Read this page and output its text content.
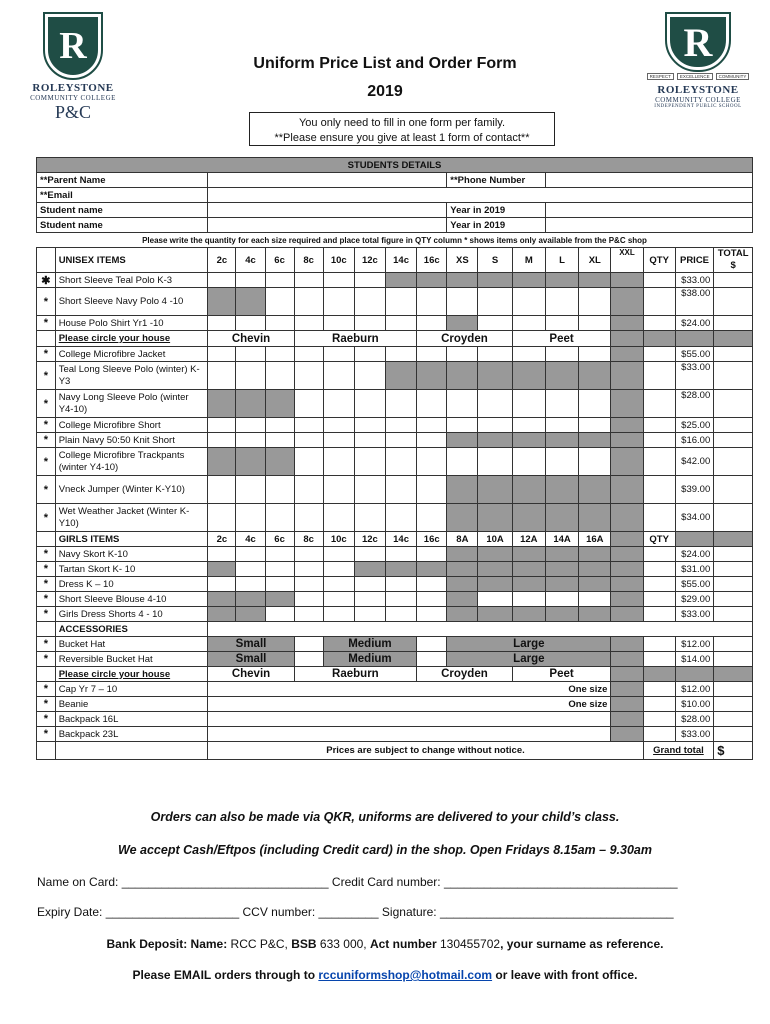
R
ROLEYSTONE
COMMUNITY COLLEGE
P&C
Uniform Price List and Order Form
2019
You only need to fill in one form per family.
**Please ensure you give at least 1 form of contact**
R
RESPECT	EXCELLENCE	COMMUNITY
ROLEYSTONE
COMMUNITY COLLEGE
INDEPENDENT PUBLIC SCHOOL
STUDENTS DETAILS																		
**Parent Name										**Phone Number								
**Email																		
Student name										Year in 2019								
Student name										Year in 2019								
Please write the quantity for each size required and place total figure in QTY column * shows items only available from the P&C shop																		
	UNISEX ITEMS	2c	4c	6c	8c	10c	12c	14c	16c	XS	S	M	L	XL	XXL	QTY	PRICE	TOTAL $
✱	Short Sleeve Teal Polo K-3																$33.00	
*	Short Sleeve Navy Polo 4 -10																$38.00	
*	House Polo Shirt Yr1 -10																$24.00	
	Please circle your house	Chevin			Raeburn				Croyden			Peet						
*	College Microfibre Jacket																$55.00	
*	Teal Long Sleeve Polo (winter) K-Y3																$33.00	
*	Navy Long Sleeve Polo (winter Y4-10)																$28.00	
*	College Microfibre Short																$25.00	
*	Plain Navy 50:50 Knit Short																$16.00	
*	College Microfibre Trackpants (winter Y4-10)																$42.00	
*	Vneck Jumper (Winter K-Y10)																$39.00	
*	Wet Weather Jacket (Winter K-Y10)																$34.00	
	GIRLS ITEMS	2c	4c	6c	8c	10c	12c	14c	16c	8A	10A	12A	14A	16A		QTY		
*	Navy Skort K-10																$24.00	
*	Tartan Skort K- 10																$31.00	
*	Dress K – 10																$55.00	
*	Short Sleeve Blouse 4-10																$29.00	
*	Girls Dress Shorts 4 - 10																$33.00	
	ACCESSORIES																	
*	Bucket Hat	Small				Medium				Large							$12.00	
*	Reversible Bucket Hat	Small				Medium				Large							$14.00	
	Please circle your house	Chevin			Raeburn				Croyden			Peet						
*	Cap Yr 7 – 10	One size															$12.00	
*	Beanie	One size															$10.00	
*	Backpack 16L																$28.00	
*	Backpack 23L																$33.00	
		Prices are subject to change without notice.														Grand total		$
Orders can also be made via QKR, uniforms are delivered to your child’s class.
We accept Cash/Eftpos (including Credit card) in the shop. Open Fridays 8.15am – 9.30am
Name on Card: _______________________________ Credit Card number: ___________________________________
Expiry Date: ____________________ CCV number: _________ Signature: ___________________________________
Bank Deposit: Name: RCC P&C, BSB 633 000, Act number 130455702, your surname as reference.
Please EMAIL orders through to rccuniformshop@hotmail.com or leave with front office.
